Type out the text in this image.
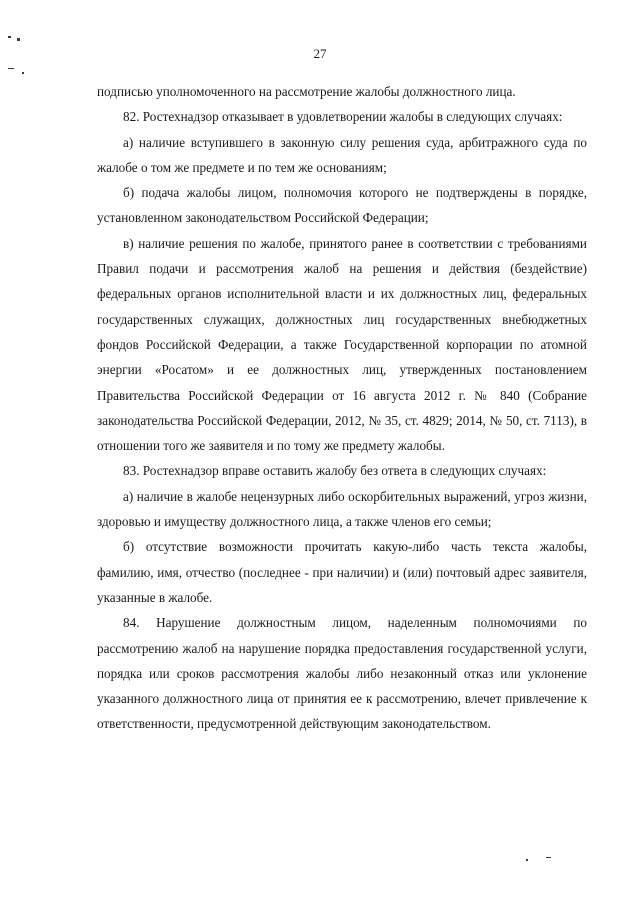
27

подписью уполномоченного на рассмотрение жалобы должностного лица.

82. Ростехнадзор отказывает в удовлетворении жалобы в следующих случаях:

а) наличие вступившего в законную силу решения суда, арбитражного суда по жалобе о том же предмете и по тем же основаниям;

б) подача жалобы лицом, полномочия которого не подтверждены в порядке, установленном законодательством Российской Федерации;

в) наличие решения по жалобе, принятого ранее в соответствии с требованиями Правил подачи и рассмотрения жалоб на решения и действия (бездействие) федеральных органов исполнительной власти и их должностных лиц, федеральных государственных служащих, должностных лиц государственных внебюджетных фондов Российской Федерации, а также Государственной корпорации по атомной энергии «Росатом» и ее должностных лиц, утвержденных постановлением Правительства Российской Федерации от 16 августа 2012 г. № 840 (Собрание законодательства Российской Федерации, 2012, № 35, ст. 4829; 2014, № 50, ст. 7113), в отношении того же заявителя и по тому же предмету жалобы.

83. Ростехнадзор вправе оставить жалобу без ответа в следующих случаях:

а) наличие в жалобе нецензурных либо оскорбительных выражений, угроз жизни, здоровью и имуществу должностного лица, а также членов его семьи;

б) отсутствие возможности прочитать какую-либо часть текста жалобы, фамилию, имя, отчество (последнее - при наличии) и (или) почтовый адрес заявителя, указанные в жалобе.

84. Нарушение должностным лицом, наделенным полномочиями по рассмотрению жалоб на нарушение порядка предоставления государственной услуги, порядка или сроков рассмотрения жалобы либо незаконный отказ или уклонение указанного должностного лица от принятия ее к рассмотрению, влечет привлечение к ответственности, предусмотренной действующим законодательством.
